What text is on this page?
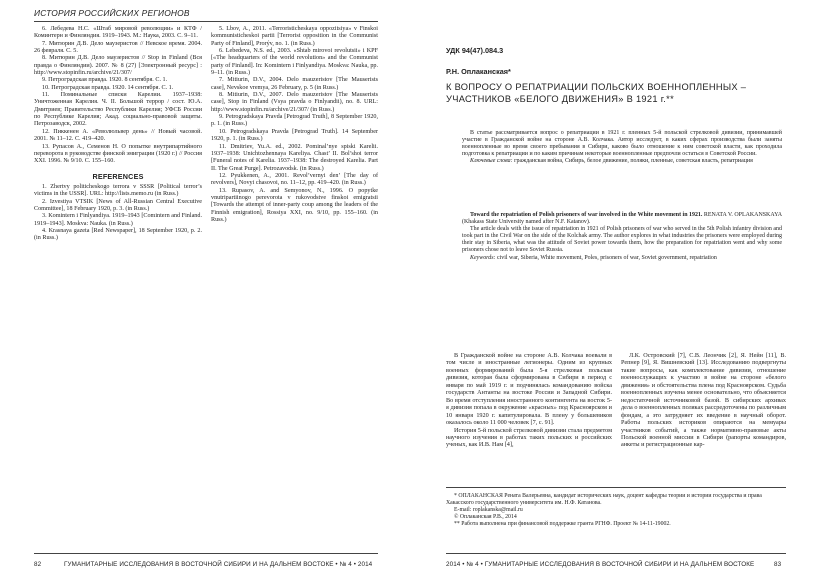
ИСТОРИЯ РОССИЙСКИХ РЕГИОНОВ

6. Лебедева Н.С. «Штаб мировой революции» и КТФ / Коминтерн и Финляндия. 1919–1943. М.: Наука, 2003. С. 9–11.

7. Митюрин Д.В. Дело маузеристов // Невское время. 2004. 26 февраля. С. 5.

8. Митюрин Д.В. Дело маузеристов // Stop in Finland (Вся правда о Финляндии). 2007. № 8 (27) [Электронный ресурс] : http://www.stopinfin.ru/archive/21/307/

9. Петроградская правда. 1920. 8 сентября. С. 1.

10. Петроградская правда. 1920. 14 сентября. С. 1.

11. Поминальные списки Карелии. 1937–1938: Уничтоженная Карелия. Ч. II. Большой террор / сост. Ю.А. Дмитриев; Правительство Республики Карелия; УФСБ России по Республике Карелия; Акад. социально-правовой защиты. Петрозаводск, 2002.

12. Пиккенен А. «Революльвер день» // Новый часовой. 2001. № 11–12. С. 419–420.

13. Рупасов А., Семенов Н. О попытке внутрипартийного переворота в руководстве финской эмиграции (1920 г.) // Россия XXI. 1996. № 9/10. С. 155–160.

REFERENCES

1. Zhertvy politicheskogo terrora v SSSR [Political terror’s victims in the USSR]. URL: http://lists.memo.ru (in Russ.)

2. Izvestiya VTSIK [News of All-Russian Central Executive Committee], 18 February 1920, p. 3. (in Russ.)

3. Komintern i Finlyandiya. 1919–1943 [Comintern and Finland. 1919–1943]. Moskva: Nauka. (in Russ.)

4. Krasnaya gazeta [Red Newspaper], 18 September 1920, p. 2. (in Russ.)

5. Lbov, A., 2011. «Terroristicheskaya oppozitsiya» v Finskoi kommunisticheskoi partii [Terrorist opposition in the Communist Party of Finland], Prorýv, no. 1. (in Russ.)

6. Lebedeva, N.S. ed., 2003. «Shtab mirovoi revolutsii» i KPF [«The headquarters of the world revolution» and the Communist party of Finland]. In: Komintern i Finlyandiya. Moskva: Nauka, pp. 9–11. (in Russ.)

7. Mitiurin, D.V., 2004. Delo mauzeristov [The Mauserists case], Nevskoe vremya, 26 February, p. 5 (in Russ.)

8. Mitiurin, D.V., 2007. Delo mauzeristov [The Mauserists case], Stop in Finland (Vsya pravda o Finlyandii), no. 8. URL: http://www.stopinfin.ru/archive/21/307/ (in Russ.)

9. Petrogradskaya Pravda [Petrograd Truth], 8 September 1920, p. 1. (in Russ.)

10. Petrogradskaya Pravda [Petrograd Truth]. 14 September 1920, p. 1. (in Russ.)

11. Dmitriev, Yu.A. ed., 2002. Pominal’nye spiski Karelii. 1937–1938: Unichtozhennaya Kareliya. Chast’ II. Bol’shoi terror [Funeral notes of Karelia. 1937–1938: The destroyed Karelia. Part II. The Great Purge]. Petrozavodsk. (in Russ.)

12. Pyukkenen, A., 2001. Revol’vernyi den’ [The day of revolvers], Novyi chasovoi, no. 11–12, pp. 419–420. (in Russ.)

13. Rupasov, A. and Semyonov, N., 1996. O popytke vnutripartiinogo perevorota v rukovodstve finskoi emigratsii [Towards the attempt of inner-party coup among the leaders of the Finnish emigration], Rossiya XXI, no. 9/10, pp. 155–160. (in Russ.)

82	ГУМАНИТАРНЫЕ ИССЛЕДОВАНИЯ В ВОСТОЧНОЙ СИБИРИ И НА ДАЛЬНЕМ ВОСТОКЕ • № 4 • 2014
УДК 94(47).084.3
Р.Н. Оплаканская*
К ВОПРОСУ О РЕПАТРИАЦИИ ПОЛЬСКИХ ВОЕННОПЛЕННЫХ – УЧАСТНИКОВ «БЕЛОГО ДВИЖЕНИЯ» В 1921 г.**

В статье рассматривается вопрос о репатриации в 1921 г. пленных 5-й польской стрелковой дивизии, принимавшей участие в Гражданской войне на стороне А.В. Колчака. Автор исследует, в каких сферах производства были заняты военнопленные во время своего пребывания в Сибири, каково было отношение к ним советской власти, как проходила подготовка к репатриации и по каким причинам некоторые военнопленные предпочли остаться в Советской России.

Ключевые слова: гражданская война, Сибирь, белое движение, поляки, пленные, советская власть, репатриация

Toward the repatriation of Polish prisoners of war involved in the White movement in 1921. RENATA V. OPLAKANSKAYA (Khakass State University named after N.F. Katanov).

The article deals with the issue of repatriation in 1921 of Polish prisoners of war who served in the 5th Polish infantry division and took part in the Civil War on the side of the Kolchak army. The author explores in what industries the prisoners were employed during their stay in Siberia, what was the attitude of Soviet power towards them, how the preparation for repatriation went and why some prisoners chose not to leave Soviet Russia.

Keywords: civil war, Siberia, White movement, Poles, prisoners of war, Soviet government, repatriation

В Гражданской войне на стороне А.В. Колчака воевали в том числе и иностранные легионеры. Одним из крупных военных формирований была 5-я стрелковая польская дивизия, которая была сформирована в Сибири в период с января по май 1919 г. и подчинялась командованию войска государств Антанты на востоке России и Западной Сибири. Во время отступления иностранного контингента на восток 5-я дивизия попала в окружение «красных» под Красноярском и 10 января 1920 г. капитулировала. В плену у большевиков оказалось около 11 000 человек [7, с. 91].

История 5-й польской стрелковой дивизии стала предметом научного изучения в работах таких польских и российских ученых, как И.В. Нам [4],

Л.К. Островский [7], С.В. Леончик [2], Я. Нейн [11], В. Репнер [9], Я. Вишневский [13]. Исследованию подвергнуты такие вопросы, как комплектование дивизии, отношение военнослужащих к участию в войне на стороне «белого движения» и обстоятельства плена под Красноярском. Судьба военнопленных изучена менее основательно, что объясняется недостаточной источниковой базой. В сибирских архивах дела о военнопленных поляках рассредоточены по различным фондам, а это затрудняет их введение в научный оборот. Работы польских историков опираются на мемуары участников событий, а также нормативно-правовые акты Польской военной миссии в Сибири (рапорты командиров, анкеты и регистрационные кар-

* ОПЛАКАНСКАЯ Рената Валерьевна, кандидат исторических наук, доцент кафедры теории и истории государства и права Хакасского государственного университета им. Н.Ф. Катанова.

E-mail: roplakanska@mail.ru

© Оплаканская Р.В., 2014

** Работа выполнена при финансовой поддержке гранта РГНФ. Проект № 14-11-19002.

2014 • № 4 • ГУМАНИТАРНЫЕ ИССЛЕДОВАНИЯ В ВОСТОЧНОЙ СИБИРИ И НА ДАЛЬНЕМ ВОСТОКЕ	83
